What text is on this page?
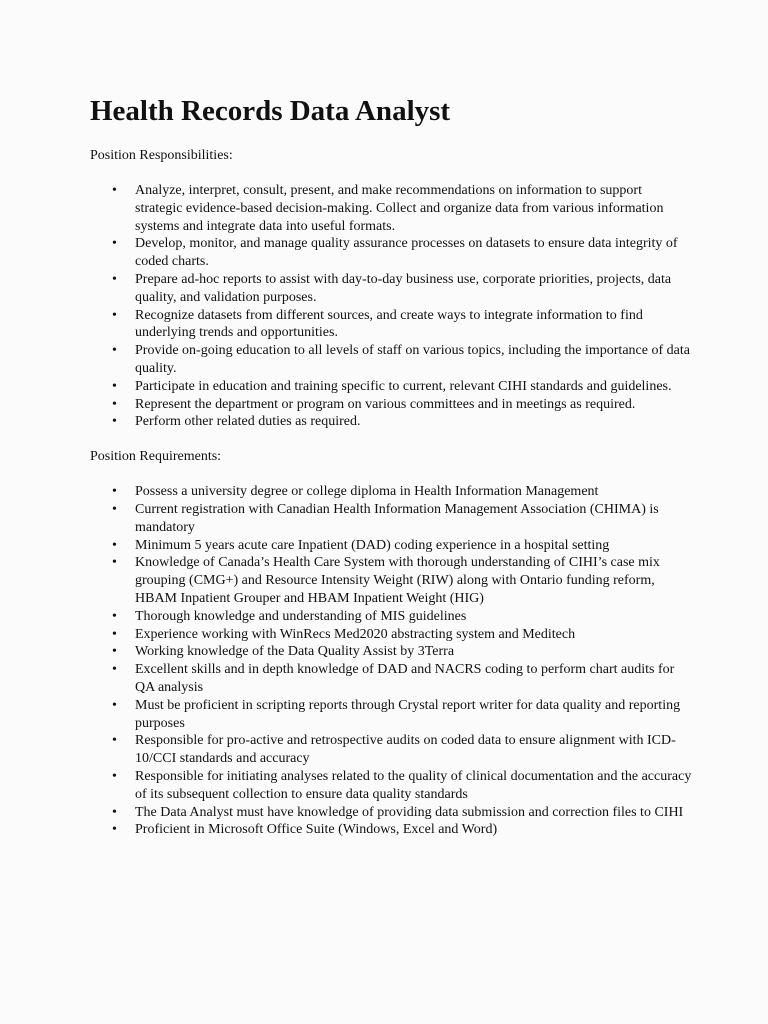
Health Records Data Analyst
Position Responsibilities:
• Analyze, interpret, consult, present, and make recommendations on information to support strategic evidence-based decision-making. Collect and organize data from various information systems and integrate data into useful formats.
• Develop, monitor, and manage quality assurance processes on datasets to ensure data integrity of coded charts.
• Prepare ad-hoc reports to assist with day-to-day business use, corporate priorities, projects, data quality, and validation purposes.
• Recognize datasets from different sources, and create ways to integrate information to find underlying trends and opportunities.
• Provide on-going education to all levels of staff on various topics, including the importance of data quality.
• Participate in education and training specific to current, relevant CIHI standards and guidelines.
• Represent the department or program on various committees and in meetings as required.
• Perform other related duties as required.
Position Requirements:
• Possess a university degree or college diploma in Health Information Management
• Current registration with Canadian Health Information Management Association (CHIMA) is mandatory
• Minimum 5 years acute care Inpatient (DAD) coding experience in a hospital setting
• Knowledge of Canada’s Health Care System with thorough understanding of CIHI’s case mix grouping (CMG+) and Resource Intensity Weight (RIW) along with Ontario funding reform, HBAM Inpatient Grouper and HBAM Inpatient Weight (HIG)
• Thorough knowledge and understanding of MIS guidelines
• Experience working with WinRecs Med2020 abstracting system and Meditech
• Working knowledge of the Data Quality Assist by 3Terra
• Excellent skills and in depth knowledge of DAD and NACRS coding to perform chart audits for QA analysis
• Must be proficient in scripting reports through Crystal report writer for data quality and reporting purposes
• Responsible for pro-active and retrospective audits on coded data to ensure alignment with ICD-10/CCI standards and accuracy
• Responsible for initiating analyses related to the quality of clinical documentation and the accuracy of its subsequent collection to ensure data quality standards
• The Data Analyst must have knowledge of providing data submission and correction files to CIHI
• Proficient in Microsoft Office Suite (Windows, Excel and Word)
